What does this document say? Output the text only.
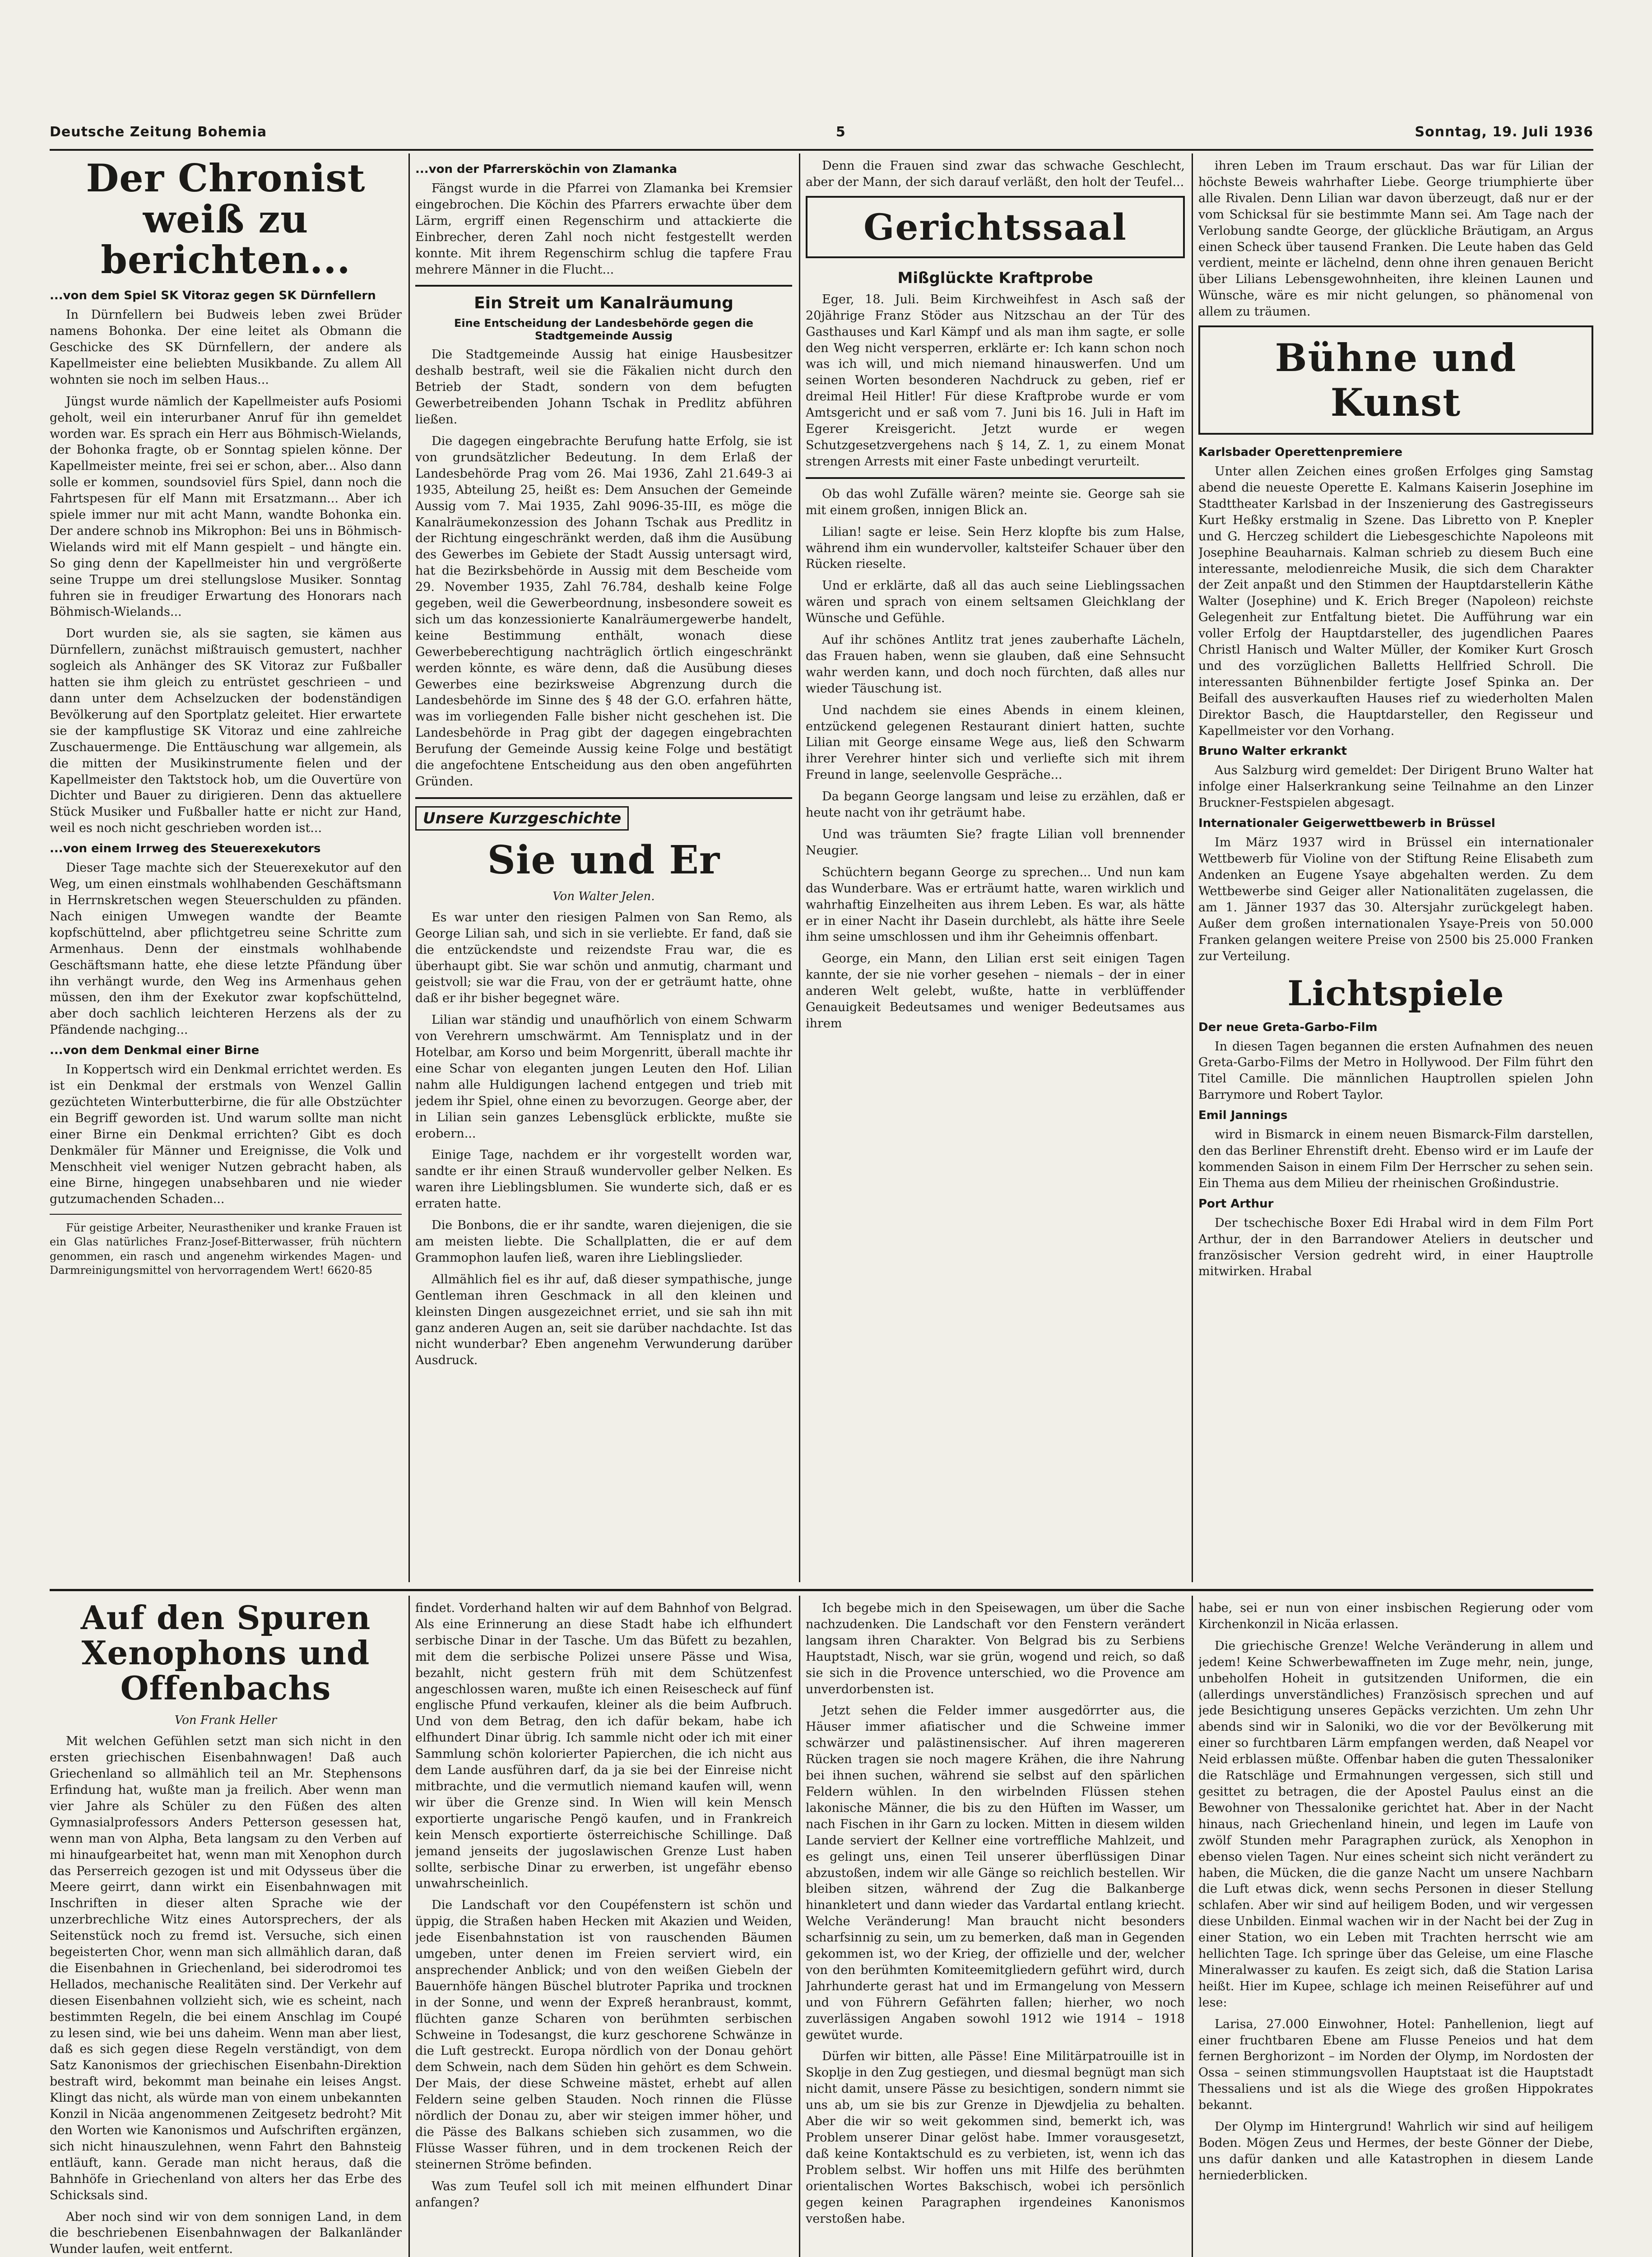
Deutsche Zeitung Bohemia	5	Sonntag, 19. Juli 1936
Der Chronist weiß zu berichten...
...von dem Spiel SK Vitoraz gegen SK Dürnfellern

In Dürnfellern bei Budweis leben zwei Brüder namens Bohonka. Der eine leitet als Obmann die Geschicke des SK Dürnfellern, der andere als Kapellmeister eine beliebten Musikbande. Zu allem All wohnten sie noch im selben Haus...

Jüngst wurde nämlich der Kapellmeister aufs Posiomi geholt, weil ein interurbaner Anruf für ihn gemeldet worden war. Es sprach ein Herr aus Böhmisch-Wielands, der Bohonka fragte, ob er Sonntag spielen könne. Der Kapellmeister meinte, frei sei er schon, aber... Also dann solle er kommen, soundsoviel fürs Spiel, dann noch die Fahrtspesen für elf Mann mit Ersatzmann... Aber ich spiele immer nur mit acht Mann, wandte Bohonka ein. Der andere schnob ins Mikrophon: Bei uns in Böhmisch-Wielands wird mit elf Mann gespielt – und hängte ein. So ging denn der Kapellmeister hin und vergrößerte seine Truppe um drei stellungslose Musiker. Sonntag fuhren sie in freudiger Erwartung des Honorars nach Böhmisch-Wielands...

Dort wurden sie, als sie sagten, sie kämen aus Dürnfellern, zunächst mißtrauisch gemustert, nachher sogleich als Anhänger des SK Vitoraz zur Fußballer hatten sie ihm gleich zu entrüstet geschrieen – und dann unter dem Achselzucken der bodenständigen Bevölkerung auf den Sportplatz geleitet. Hier erwartete sie der kampflustige SK Vitoraz und eine zahlreiche Zuschauermenge. Die Enttäuschung war allgemein, als die mitten der Musikinstrumente fielen und der Kapellmeister den Taktstock hob, um die Ouvertüre von Dichter und Bauer zu dirigieren. Denn das aktuellere Stück Musiker und Fußballer hatte er nicht zur Hand, weil es noch nicht geschrieben worden ist...

...von einem Irrweg des Steuerexekutors

Dieser Tage machte sich der Steuerexekutor auf den Weg, um einen einstmals wohlhabenden Geschäftsmann in Herrnskretschen wegen Steuerschulden zu pfänden. Nach einigen Umwegen wandte der Beamte kopfschüttelnd, aber pflichtgetreu seine Schritte zum Armenhaus. Denn der einstmals wohlhabende Geschäftsmann hatte, ehe diese letzte Pfändung über ihn verhängt wurde, den Weg ins Armenhaus gehen müssen, den ihm der Exekutor zwar kopfschüttelnd, aber doch sachlich leichteren Herzens als der zu Pfändende nachging...

...von dem Denkmal einer Birne

In Koppertsch wird ein Denkmal errichtet werden. Es ist ein Denkmal der erstmals von Wenzel Gallin gezüchteten Winterbutterbirne, die für alle Obstzüchter ein Begriff geworden ist. Und warum sollte man nicht einer Birne ein Denkmal errichten? Gibt es doch Denkmäler für Männer und Ereignisse, die Volk und Menschheit viel weniger Nutzen gebracht haben, als eine Birne, hingegen unabsehbaren und nie wieder gutzumachenden Schaden...

Für geistige Arbeiter, Neurastheniker und kranke Frauen ist ein Glas natürliches Franz-Josef-Bitterwasser, früh nüchtern genommen, ein rasch und angenehm wirkendes Magen- und Darmreinigungsmittel von hervorragendem Wert! 6620-85

...von der Pfarrersköchin von Zlamanka

Fängst wurde in die Pfarrei von Zlamanka bei Kremsier eingebrochen. Die Köchin des Pfarrers erwachte über dem Lärm, ergriff einen Regenschirm und attackierte die Einbrecher, deren Zahl noch nicht festgestellt werden konnte. Mit ihrem Regenschirm schlug die tapfere Frau mehrere Männer in die Flucht...

Ein Streit um Kanalräumung
Eine Entscheidung der Landesbehörde gegen die Stadtgemeinde Aussig

Die Stadtgemeinde Aussig hat einige Hausbesitzer deshalb bestraft, weil sie die Fäkalien nicht durch den Betrieb der Stadt, sondern von dem befugten Gewerbetreibenden Johann Tschak in Predlitz abführen ließen.

Die dagegen eingebrachte Berufung hatte Erfolg, sie ist von grundsätzlicher Bedeutung. In dem Erlaß der Landesbehörde Prag vom 26. Mai 1936, Zahl 21.649-3 ai 1935, Abteilung 25, heißt es: Dem Ansuchen der Gemeinde Aussig vom 7. Mai 1935, Zahl 9096-35-III, es möge die Kanalräumekonzession des Johann Tschak aus Predlitz in der Richtung eingeschränkt werden, daß ihm die Ausübung des Gewerbes im Gebiete der Stadt Aussig untersagt wird, hat die Bezirksbehörde in Aussig mit dem Bescheide vom 29. November 1935, Zahl 76.784, deshalb keine Folge gegeben, weil die Gewerbeordnung, insbesondere soweit es sich um das konzessionierte Kanalräumergewerbe handelt, keine Bestimmung enthält, wonach diese Gewerbeberechtigung nachträglich örtlich eingeschränkt werden könnte, es wäre denn, daß die Ausübung dieses Gewerbes eine bezirksweise Abgrenzung durch die Landesbehörde im Sinne des § 48 der G.O. erfahren hätte, was im vorliegenden Falle bisher nicht geschehen ist. Die Landesbehörde in Prag gibt der dagegen eingebrachten Berufung der Gemeinde Aussig keine Folge und bestätigt die angefochtene Entscheidung aus den oben angeführten Gründen.

Unsere Kurzgeschichte
Sie und Er
Von Walter Jelen.

Es war unter den riesigen Palmen von San Remo, als George Lilian sah, und sich in sie verliebte. Er fand, daß sie die entzückendste und reizendste Frau war, die es überhaupt gibt. Sie war schön und anmutig, charmant und geistvoll; sie war die Frau, von der er geträumt hatte, ohne daß er ihr bisher begegnet wäre.

Lilian war ständig und unaufhörlich von einem Schwarm von Verehrern umschwärmt. Am Tennisplatz und in der Hotelbar, am Korso und beim Morgenritt, überall machte ihr eine Schar von eleganten jungen Leuten den Hof. Lilian nahm alle Huldigungen lachend entgegen und trieb mit jedem ihr Spiel, ohne einen zu bevorzugen. George aber, der in Lilian sein ganzes Lebensglück erblickte, mußte sie erobern...

Einige Tage, nachdem er ihr vorgestellt worden war, sandte er ihr einen Strauß wundervoller gelber Nelken. Es waren ihre Lieblingsblumen. Sie wunderte sich, daß er es erraten hatte.

Die Bonbons, die er ihr sandte, waren diejenigen, die sie am meisten liebte. Die Schallplatten, die er auf dem Grammophon laufen ließ, waren ihre Lieblingslieder.

Allmählich fiel es ihr auf, daß dieser sympathische, junge Gentleman ihren Geschmack in all den kleinen und kleinsten Dingen ausgezeichnet erriet, und sie sah ihn mit ganz anderen Augen an, seit sie darüber nachdachte. Ist das nicht wunderbar? Eben angenehm Verwunderung darüber Ausdruck.

Denn die Frauen sind zwar das schwache Geschlecht, aber der Mann, der sich darauf verläßt, den holt der Teufel...

Gerichtssaal
Mißglückte Kraftprobe

Eger, 18. Juli. Beim Kirchweihfest in Asch saß der 20jährige Franz Stöder aus Nitzschau an der Tür des Gasthauses und Karl Kämpf und als man ihm sagte, er solle den Weg nicht versperren, erklärte er: Ich kann schon noch was ich will, und mich niemand hinauswerfen. Und um seinen Worten besonderen Nachdruck zu geben, rief er dreimal Heil Hitler! Für diese Kraftprobe wurde er vom Amtsgericht und er saß vom 7. Juni bis 16. Juli in Haft im Egerer Kreisgericht. Jetzt wurde er wegen Schutzgesetzvergehens nach § 14, Z. 1, zu einem Monat strengen Arrests mit einer Faste unbedingt verurteilt.

Ob das wohl Zufälle wären? meinte sie. George sah sie mit einem großen, innigen Blick an.

Lilian! sagte er leise. Sein Herz klopfte bis zum Halse, während ihm ein wundervoller, kaltsteifer Schauer über den Rücken rieselte.

Und er erklärte, daß all das auch seine Lieblingssachen wären und sprach von einem seltsamen Gleichklang der Wünsche und Gefühle.

Auf ihr schönes Antlitz trat jenes zauberhafte Lächeln, das Frauen haben, wenn sie glauben, daß eine Sehnsucht wahr werden kann, und doch noch fürchten, daß alles nur wieder Täuschung ist.

Und nachdem sie eines Abends in einem kleinen, entzückend gelegenen Restaurant diniert hatten, suchte Lilian mit George einsame Wege aus, ließ den Schwarm ihrer Verehrer hinter sich und verliefte sich mit ihrem Freund in lange, seelenvolle Gespräche...

Da begann George langsam und leise zu erzählen, daß er heute nacht von ihr geträumt habe.

Und was träumten Sie? fragte Lilian voll brennender Neugier.

Schüchtern begann George zu sprechen... Und nun kam das Wunderbare. Was er erträumt hatte, waren wirklich und wahrhaftig Einzelheiten aus ihrem Leben. Es war, als hätte er in einer Nacht ihr Dasein durchlebt, als hätte ihre Seele ihm seine umschlossen und ihm ihr Geheimnis offenbart.

George, ein Mann, den Lilian erst seit einigen Tagen kannte, der sie nie vorher gesehen – niemals – der in einer anderen Welt gelebt, wußte, hatte in verblüffender Genauigkeit Bedeutsames und weniger Bedeutsames aus ihrem

ihren Leben im Traum erschaut. Das war für Lilian der höchste Beweis wahrhafter Liebe. George triumphierte über alle Rivalen. Denn Lilian war davon überzeugt, daß nur er der vom Schicksal für sie bestimmte Mann sei. Am Tage nach der Verlobung sandte George, der glückliche Bräutigam, an Argus einen Scheck über tausend Franken. Die Leute haben das Geld verdient, meinte er lächelnd, denn ohne ihren genauen Bericht über Lilians Lebensgewohnheiten, ihre kleinen Launen und Wünsche, wäre es mir nicht gelungen, so phänomenal von allem zu träumen.

Bühne und Kunst
Karlsbader Operettenpremiere

Unter allen Zeichen eines großen Erfolges ging Samstag abend die neueste Operette E. Kalmans Kaiserin Josephine im Stadttheater Karlsbad in der Inszenierung des Gastregisseurs Kurt Heßky erstmalig in Szene. Das Libretto von P. Knepler und G. Herczeg schildert die Liebesgeschichte Napoleons mit Josephine Beauharnais. Kalman schrieb zu diesem Buch eine interessante, melodienreiche Musik, die sich dem Charakter der Zeit anpaßt und den Stimmen der Hauptdarstellerin Käthe Walter (Josephine) und K. Erich Breger (Napoleon) reichste Gelegenheit zur Entfaltung bietet. Die Aufführung war ein voller Erfolg der Hauptdarsteller, des jugendlichen Paares Christl Hanisch und Walter Müller, der Komiker Kurt Grosch und des vorzüglichen Balletts Hellfried Schroll. Die interessanten Bühnenbilder fertigte Josef Spinka an. Der Beifall des ausverkauften Hauses rief zu wiederholten Malen Direktor Basch, die Hauptdarsteller, den Regisseur und Kapellmeister vor den Vorhang.

Bruno Walter erkrankt

Aus Salzburg wird gemeldet: Der Dirigent Bruno Walter hat infolge einer Halserkrankung seine Teilnahme an den Linzer Bruckner-Festspielen abgesagt.

Internationaler Geigerwettbewerb in Brüssel

Im März 1937 wird in Brüssel ein internationaler Wettbewerb für Violine von der Stiftung Reine Elisabeth zum Andenken an Eugene Ysaye abgehalten werden. Zu dem Wettbewerbe sind Geiger aller Nationalitäten zugelassen, die am 1. Jänner 1937 das 30. Altersjahr zurückgelegt haben. Außer dem großen internationalen Ysaye-Preis von 50.000 Franken gelangen weitere Preise von 2500 bis 25.000 Franken zur Verteilung.

Lichtspiele
Der neue Greta-Garbo-Film

In diesen Tagen begannen die ersten Aufnahmen des neuen Greta-Garbo-Films der Metro in Hollywood. Der Film führt den Titel Camille. Die männlichen Hauptrollen spielen John Barrymore und Robert Taylor.

Emil Jannings

wird in Bismarck in einem neuen Bismarck-Film darstellen, den das Berliner Ehrenstift dreht. Ebenso wird er im Laufe der kommenden Saison in einem Film Der Herrscher zu sehen sein. Ein Thema aus dem Milieu der rheinischen Großindustrie.

Port Arthur

Der tschechische Boxer Edi Hrabal wird in dem Film Port Arthur, der in den Barrandower Ateliers in deutscher und französischer Version gedreht wird, in einer Hauptrolle mitwirken. Hrabal

Auf den Spuren Xenophons und Offenbachs
Von Frank Heller

Mit welchen Gefühlen setzt man sich nicht in den ersten griechischen Eisenbahnwagen! Daß auch Griechenland so allmählich teil an Mr. Stephensons Erfindung hat, wußte man ja freilich. Aber wenn man vier Jahre als Schüler zu den Füßen des alten Gymnasialprofessors Anders Petterson gesessen hat, wenn man von Alpha, Beta langsam zu den Verben auf mi hinaufgearbeitet hat, wenn man mit Xenophon durch das Perserreich gezogen ist und mit Odysseus über die Meere geirrt, dann wirkt ein Eisenbahnwagen mit Inschriften in dieser alten Sprache wie der unzerbrechliche Witz eines Autorsprechers, der als Seitenstück noch zu fremd ist. Versuche, sich einen begeisterten Chor, wenn man sich allmählich daran, daß die Eisenbahnen in Griechenland, bei siderodromoi tes Hellados, mechanische Realitäten sind. Der Verkehr auf diesen Eisenbahnen vollzieht sich, wie es scheint, nach bestimmten Regeln, die bei einem Anschlag im Coupé zu lesen sind, wie bei uns daheim. Wenn man aber liest, daß es sich gegen diese Regeln verständigt, von dem Satz Kanonismos der griechischen Eisenbahn-Direktion bestraft wird, bekommt man beinahe ein leises Angst. Klingt das nicht, als würde man von einem unbekannten Konzil in Nicäa angenommenen Zeitgesetz bedroht? Mit den Worten wie Kanonismos und Aufschriften ergänzen, sich nicht hinauszulehnen, wenn Fahrt den Bahnsteig entläuft, kann. Gerade man nicht heraus, daß die Bahnhöfe in Griechenland von alters her das Erbe des Schicksals sind.

Aber noch sind wir von dem sonnigen Land, in dem die beschriebenen Eisenbahnwagen der Balkanländer Wunder laufen, weit entfernt.

findet. Vorderhand halten wir auf dem Bahnhof von Belgrad. Als eine Erinnerung an diese Stadt habe ich elfhundert serbische Dinar in der Tasche. Um das Büfett zu bezahlen, mit dem die serbische Polizei unsere Pässe und Wisa, bezahlt, nicht gestern früh mit dem Schützenfest angeschlossen waren, mußte ich einen Reisescheck auf fünf englische Pfund verkaufen, kleiner als die beim Aufbruch. Und von dem Betrag, den ich dafür bekam, habe ich elfhundert Dinar übrig. Ich sammle nicht oder ich mit einer Sammlung schön kolorierter Papierchen, die ich nicht aus dem Lande ausführen darf, da ja sie bei der Einreise nicht mitbrachte, und die vermutlich niemand kaufen will, wenn wir über die Grenze sind. In Wien will kein Mensch exportierte ungarische Pengö kaufen, und in Frankreich kein Mensch exportierte österreichische Schillinge. Daß jemand jenseits der jugoslawischen Grenze Lust haben sollte, serbische Dinar zu erwerben, ist ungefähr ebenso unwahrscheinlich.

Die Landschaft vor den Coupéfenstern ist schön und üppig, die Straßen haben Hecken mit Akazien und Weiden, jede Eisenbahnstation ist von rauschenden Bäumen umgeben, unter denen im Freien serviert wird, ein ansprechender Anblick; und von den weißen Giebeln der Bauernhöfe hängen Büschel blutroter Paprika und trocknen in der Sonne, und wenn der Expreß heranbraust, kommt, flüchten ganze Scharen von berühmten serbischen Schweine in Todesangst, die kurz geschorene Schwänze in die Luft gestreckt. Europa nördlich von der Donau gehört dem Schwein, nach dem Süden hin gehört es dem Schwein. Der Mais, der diese Schweine mästet, erhebt auf allen Feldern seine gelben Stauden. Noch rinnen die Flüsse nördlich der Donau zu, aber wir steigen immer höher, und die Pässe des Balkans schieben sich zusammen, wo die Flüsse Wasser führen, und in dem trockenen Reich der steinernen Ströme befinden.

Was zum Teufel soll ich mit meinen elfhundert Dinar anfangen?

Ich begebe mich in den Speisewagen, um über die Sache nachzudenken. Die Landschaft vor den Fenstern verändert langsam ihren Charakter. Von Belgrad bis zu Serbiens Hauptstadt, Nisch, war sie grün, wogend und reich, so daß sie sich in die Provence unterschied, wo die Provence am unverdorbensten ist.

Jetzt sehen die Felder immer ausgedörrter aus, die Häuser immer afiatischer und die Schweine immer schwärzer und palästinensischer. Auf ihren magereren Rücken tragen sie noch magere Krähen, die ihre Nahrung bei ihnen suchen, während sie selbst auf den spärlichen Feldern wühlen. In den wirbelnden Flüssen stehen lakonische Männer, die bis zu den Hüften im Wasser, um nach Fischen in ihr Garn zu locken. Mitten in diesem wilden Lande serviert der Kellner eine vortreffliche Mahlzeit, und es gelingt uns, einen Teil unserer überflüssigen Dinar abzustoßen, indem wir alle Gänge so reichlich bestellen. Wir bleiben sitzen, während der Zug die Balkanberge hinankletert und dann wieder das Vardartal entlang kriecht. Welche Veränderung! Man braucht nicht besonders scharfsinnig zu sein, um zu bemerken, daß man in Gegenden gekommen ist, wo der Krieg, der offizielle und der, welcher von den berühmten Komiteemitgliedern geführt wird, durch Jahrhunderte gerast hat und im Ermangelung von Messern und von Führern Gefährten fallen; hierher, wo noch zuverlässigen Angaben sowohl 1912 wie 1914 – 1918 gewütet wurde.

Dürfen wir bitten, alle Pässe! Eine Militärpatrouille ist in Skoplje in den Zug gestiegen, und diesmal begnügt man sich nicht damit, unsere Pässe zu besichtigen, sondern nimmt sie uns ab, um sie bis zur Grenze in Djewdjelia zu behalten. Aber die wir so weit gekommen sind, bemerkt ich, was Problem unserer Dinar gelöst habe. Immer vorausgesetzt, daß keine Kontaktschuld es zu verbieten, ist, wenn ich das Problem selbst. Wir hoffen uns mit Hilfe des berühmten orientalischen Wortes Bakschisch, wobei ich persönlich gegen keinen Paragraphen irgendeines Kanonismos verstoßen habe.

habe, sei er nun von einer insbischen Regierung oder vom Kirchenkonzil in Nicäa erlassen.

Die griechische Grenze! Welche Veränderung in allem und jedem! Keine Schwerbewaffneten im Zuge mehr, nein, junge, unbeholfen Hoheit in gutsitzenden Uniformen, die ein (allerdings unverständliches) Französisch sprechen und auf jede Besichtigung unseres Gepäcks verzichten. Um zehn Uhr abends sind wir in Saloniki, wo die vor der Bevölkerung mit einer so furchtbaren Lärm empfangen werden, daß Neapel vor Neid erblassen müßte. Offenbar haben die guten Thessaloniker die Ratschläge und Ermahnungen vergessen, sich still und gesittet zu betragen, die der Apostel Paulus einst an die Bewohner von Thessalonike gerichtet hat. Aber in der Nacht hinaus, nach Griechenland hinein, und legen im Laufe von zwölf Stunden mehr Paragraphen zurück, als Xenophon in ebenso vielen Tagen. Nur eines scheint sich nicht verändert zu haben, die Mücken, die die ganze Nacht um unsere Nachbarn die Luft etwas dick, wenn sechs Personen in dieser Stellung schlafen. Aber wir sind auf heiligem Boden, und wir vergessen diese Unbilden. Einmal wachen wir in der Nacht bei der Zug in einer Station, wo ein Leben mit Trachten herrscht wie am hellichten Tage. Ich springe über das Geleise, um eine Flasche Mineralwasser zu kaufen. Es zeigt sich, daß die Station Larisa heißt. Hier im Kupee, schlage ich meinen Reiseführer auf und lese:

Larisa, 27.000 Einwohner, Hotel: Panhellenion, liegt auf einer fruchtbaren Ebene am Flusse Peneios und hat dem fernen Berghorizont – im Norden der Olymp, im Nordosten der Ossa – seinen stimmungsvollen Hauptstaat ist die Hauptstadt Thessaliens und ist als die Wiege des großen Hippokrates bekannt.

Der Olymp im Hintergrund! Wahrlich wir sind auf heiligem Boden. Mögen Zeus und Hermes, der beste Gönner der Diebe, uns dafür danken und alle Katastrophen in diesem Lande herniederblicken.
